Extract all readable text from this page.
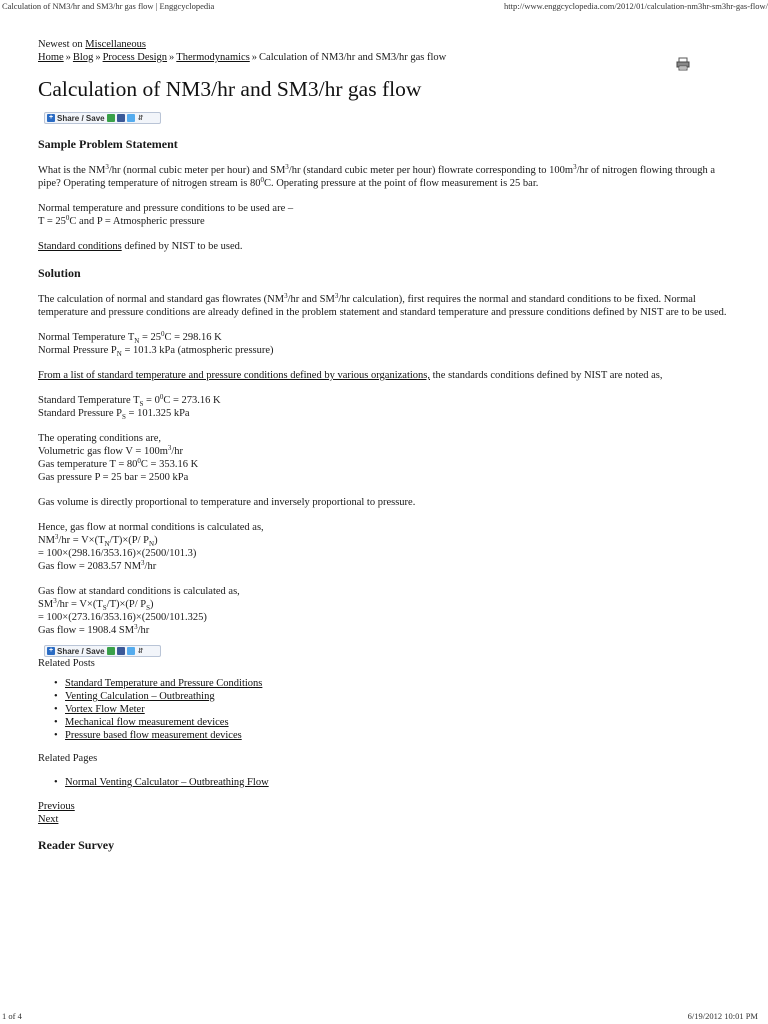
Calculation of NM3/hr and SM3/hr gas flow | Enggcyclopedia	http://www.enggcyclopedia.com/2012/01/calculation-nm3hr-sm3hr-gas-flow/
Newest on Miscellaneous
Home » Blog » Process Design » Thermodynamics » Calculation of NM3/hr and SM3/hr gas flow
Calculation of NM3/hr and SM3/hr gas flow
+ Share / Save	⇵
Sample Problem Statement

What is the $NM^3/hr$ (normal cubic meter per hour) and $SM^3/hr$ (standard cubic meter per hour) flowrate corresponding to $100m^3/hr$ of nitrogen flowing through a pipe? Operating temperature of nitrogen stream is $80^0C$. Operating pressure at the point of flow measurement is 25 bar.

Normal temperature and pressure conditions to be used are –
$T = 25^0C$ and P = Atmospheric pressure

Standard conditions defined by NIST to be used.

Solution

The calculation of normal and standard gas flowrates ($NM^3/hr$ and $SM^3/hr$ calculation), first requires the normal and standard conditions to be fixed. Normal temperature and pressure conditions are already defined in the problem statement and standard temperature and pressure conditions defined by NIST are to be used.

Normal Temperature $T_N = 25^0C = 298.16$ K
Normal Pressure $P_N = 101.3$ kPa (atmospheric pressure)

From a list of standard temperature and pressure conditions defined by various organizations, the standards conditions defined by NIST are noted as,

Standard Temperature $T_S = 0^0C = 273.16$ K
Standard Pressure $P_S = 101.325$ kPa

The operating conditions are,
Volumetric gas flow $V = 100m^3/hr$
Gas temperature $T = 80^0C = 353.16$ K
Gas pressure P = 25 bar = 2500 kPa

Gas volume is directly proportional to temperature and inversely proportional to pressure.

Hence, gas flow at normal conditions is calculated as,
$NM^3/hr = V\times(T_N/T)\times(P/$ $P_N$)
= 100×(298.16/353.16)×(2500/101.3)
Gas flow = 2083.57 $NM^3/hr$

Gas flow at standard conditions is calculated as,
$SM^3/hr = V\times(T_S/T)\times(P/$ $P_S$)
= 100×(273.16/353.16)×(2500/101.325)
Gas flow = 1908.4 $SM^3/hr$

+ Share / Save	⇵
Related Posts
• Standard Temperature and Pressure Conditions
• Venting Calculation – Outbreathing
• Vortex Flow Meter
• Mechanical flow measurement devices
• Pressure based flow measurement devices
Related Pages
• Normal Venting Calculator – Outbreathing Flow
Previous
Next
Reader Survey
1 of 4	6/19/2012 10:01 PM
